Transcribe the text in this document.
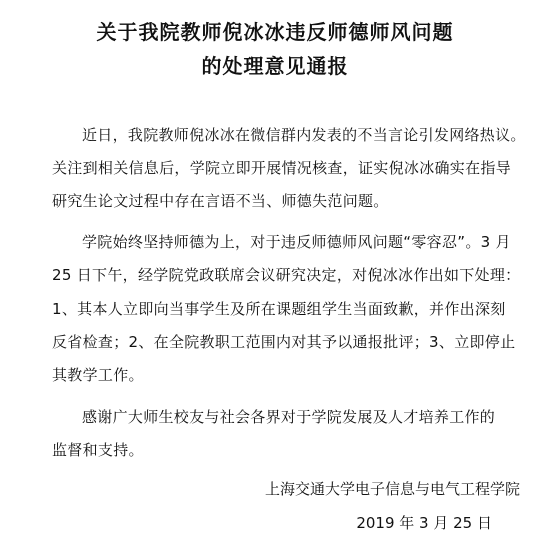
关于我院教师倪冰冰违反师德师风问题
的处理意见通报
近日，我院教师倪冰冰在微信群内发表的不当言论引发网络热议。
关注到相关信息后，学院立即开展情况核查，证实倪冰冰确实在指导
研究生论文过程中存在言语不当、师德失范问题。
学院始终坚持师德为上，对于违反师德师风问题“零容忍”。3 月
25 日下午，经学院党政联席会议研究决定，对倪冰冰作出如下处理：
1、其本人立即向当事学生及所在课题组学生当面致歉，并作出深刻
反省检查；2、在全院教职工范围内对其予以通报批评；3、立即停止
其教学工作。
感谢广大师生校友与社会各界对于学院发展及人才培养工作的
监督和支持。
上海交通大学电子信息与电气工程学院
2019 年 3 月 25 日
